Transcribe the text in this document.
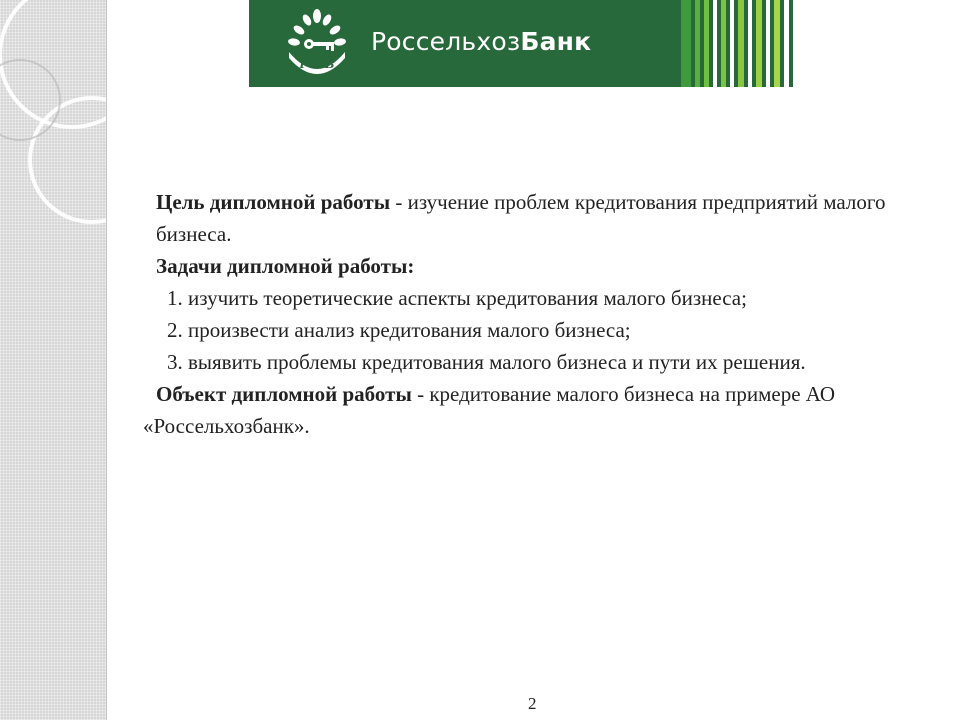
РСХБ
РоссельхозБанк

Цель дипломной работы - изучение проблем кредитования предприятий малого бизнеса.

Задачи дипломной работы:

1. изучить теоретические аспекты кредитования малого бизнеса;

2. произвести анализ кредитования малого бизнеса;

3. выявить проблемы кредитования малого бизнеса и пути их решения.

Объект дипломной работы - кредитование малого бизнеса на примере АО «Россельхозбанк».

2
